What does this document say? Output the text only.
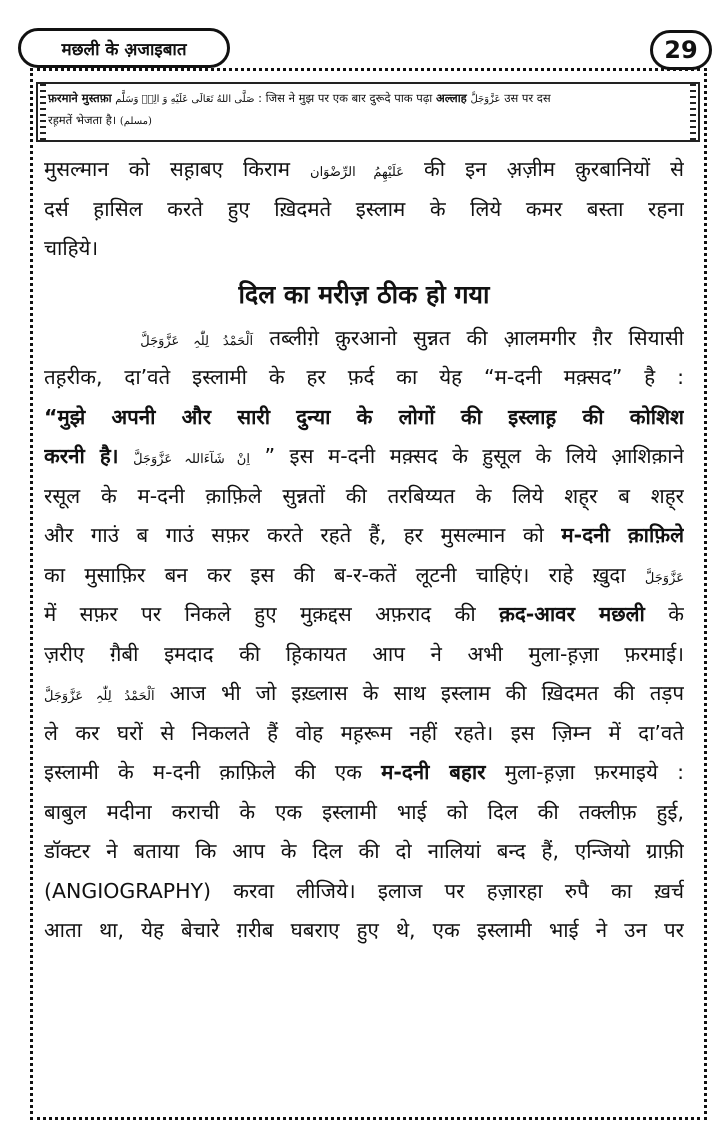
मछली के अ़जाइबात	29
फ़रमाने मुस्तफ़ा صَلَّى اللهُ تَعَالَى عَلَيْهِ وَ الِهٖ وَسَلَّم : जिस ने मुझ पर एक बार दुरूदे पाक पढ़ा अल्लाह عَزَّوَجَلَّ उस पर दस
रह़मतें भेजता है। (مسلم)
मुसल्मान को सह़ाबए किराम عَلَيْهِمُ الرِّضْوَان की इन अ़ज़ीम क़ुरबानियों से
दर्स ह़ासिल करते हुए ख़िदमते इस्लाम के लिये कमर बस्ता रहना
चाहिये।
दिल का मरीज़ ठीक हो गया
اَلْحَمْدُ لِلّٰہِ عَزَّوَجَلَّ तब्लीग़े क़ुरआनो सुन्नत की आ़लमगीर ग़ैर सियासी
तह़रीक, दा’वते इस्लामी के हर फ़र्द का येह “म-दनी मक़्सद” है :
“मुझे अपनी और सारी दुन्या के लोगों की इस्लाह़ की कोशिश
करनी है। اِنْ شَآءَاللہ عَزَّوَجَلَّ ” इस म-दनी मक़्सद के ह़ुसूल के लिये आ़शिक़ाने
रसूल के म-दनी क़ाफ़िले सुन्नतों की तरबिय्यत के लिये शह्‌र ब शह्‌र
और गाउं ब गाउं सफ़र करते रहते हैं, हर मुसल्मान को म-दनी क़ाफ़िले
का मुसाफ़िर बन कर इस की ब-र-कतें लूटनी चाहिएं। राहे ख़ुदा عَزَّوَجَلَّ
में सफ़र पर निकले हुए मुक़द्दस अफ़राद की क़द-आवर मछली के
ज़रीए ग़ैबी इमदाद की ह़िकायत आप ने अभी मुला-ह़ज़ा फ़रमाई।
اَلْحَمْدُ لِلّٰہِ عَزَّوَجَلَّ आज भी जो इख़्लास के साथ इस्लाम की ख़िदमत की तड़प
ले कर घरों से निकलते हैं वोह मह़रूम नहीं रहते। इस ज़िम्न में दा’वते
इस्लामी के म-दनी क़ाफ़िले की एक म-दनी बहार मुला-ह़ज़ा फ़रमाइये :
बाबुल मदीना कराची के एक इस्लामी भाई को दिल की तक्लीफ़ हुई,
डॉक्टर ने बताया कि आप के दिल की दो नालियां बन्द हैं, एन्जियो ग्राफ़ी
(ANGIOGRAPHY) करवा लीजिये। इलाज पर हज़ारहा रुपै का ख़र्च
आता था, येह बेचारे ग़रीब घबराए हुए थे, एक इस्लामी भाई ने उन पर
